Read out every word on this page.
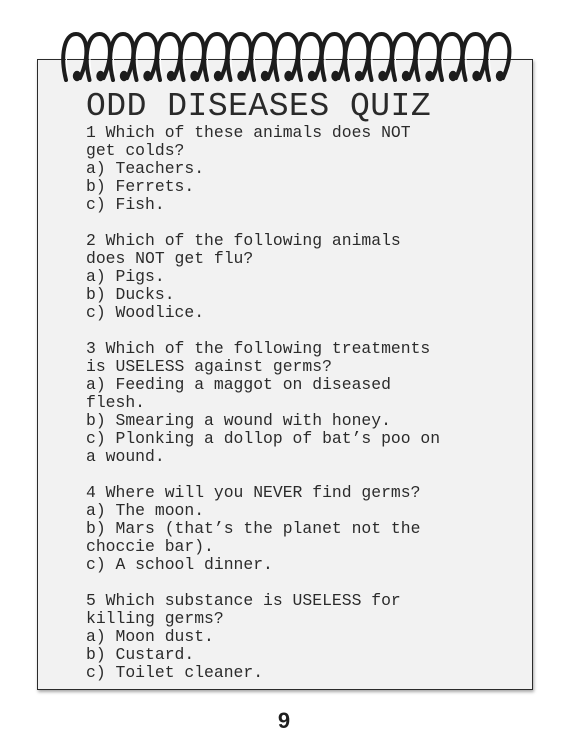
ODD DISEASES QUIZ
1 Which of these animals does NOT
get colds?
a) Teachers.
b) Ferrets.
c) Fish.
2 Which of the following animals
does NOT get flu?
a) Pigs.
b) Ducks.
c) Woodlice.
3 Which of the following treatments
is USELESS against germs?
a) Feeding a maggot on diseased
flesh.
b) Smearing a wound with honey.
c) Plonking a dollop of bat’s poo on
a wound.
4 Where will you NEVER find germs?
a) The moon.
b) Mars (that’s the planet not the
choccie bar).
c) A school dinner.
5 Which substance is USELESS for
killing germs?
a) Moon dust.
b) Custard.
c) Toilet cleaner.
9
